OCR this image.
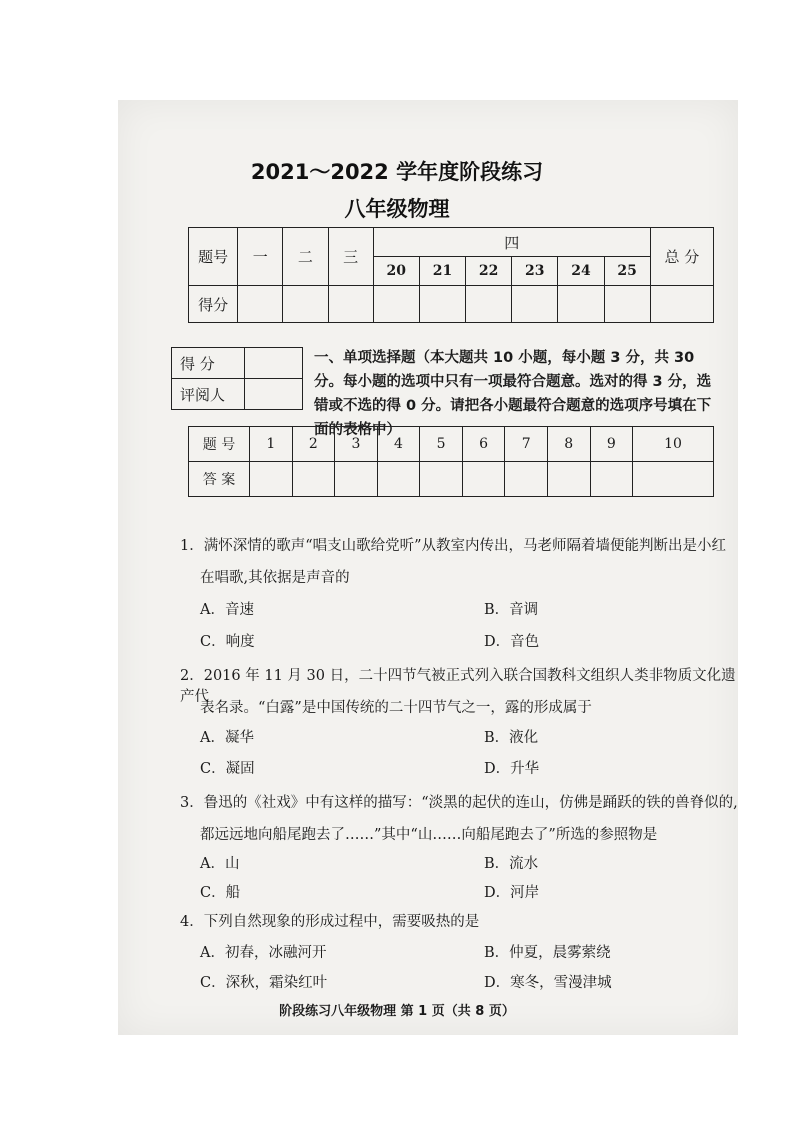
2021～2022 学年度阶段练习
八年级物理
题号	一	二	三	四						总 分
				20	21	22	23	24	25	
得分										
得 分	
评阅人	
一、单项选择题（本大题共 10 小题，每小题 3 分，共 30 分。每小题的选项中只有一项最符合题意。选对的得 3 分，选错或不选的得 0 分。请把各小题最符合题意的选项序号填在下面的表格中）
题 号	1	2	3	4	5	6	7	8	9	10
答 案										
1．满怀深情的歌声“唱支山歌给党听”从教室内传出，马老师隔着墙便能判断出是小红
在唱歌,其依据是声音的
A．音速	B．音调
C．响度	D．音色
2．2016 年 11 月 30 日，二十四节气被正式列入联合国教科文组织人类非物质文化遗产代
表名录。“白露”是中国传统的二十四节气之一，露的形成属于
A．凝华	B．液化
C．凝固	D．升华
3．鲁迅的《社戏》中有这样的描写：“淡黑的起伏的连山，仿佛是踊跃的铁的兽脊似的,
都远远地向船尾跑去了……”其中“山……向船尾跑去了”所选的参照物是
A．山	B．流水
C．船	D．河岸
4．下列自然现象的形成过程中，需要吸热的是
A．初春，冰融河开	B．仲夏，晨雾萦绕
C．深秋，霜染红叶	D．寒冬，雪漫津城
阶段练习八年级物理 第 1 页（共 8 页）
